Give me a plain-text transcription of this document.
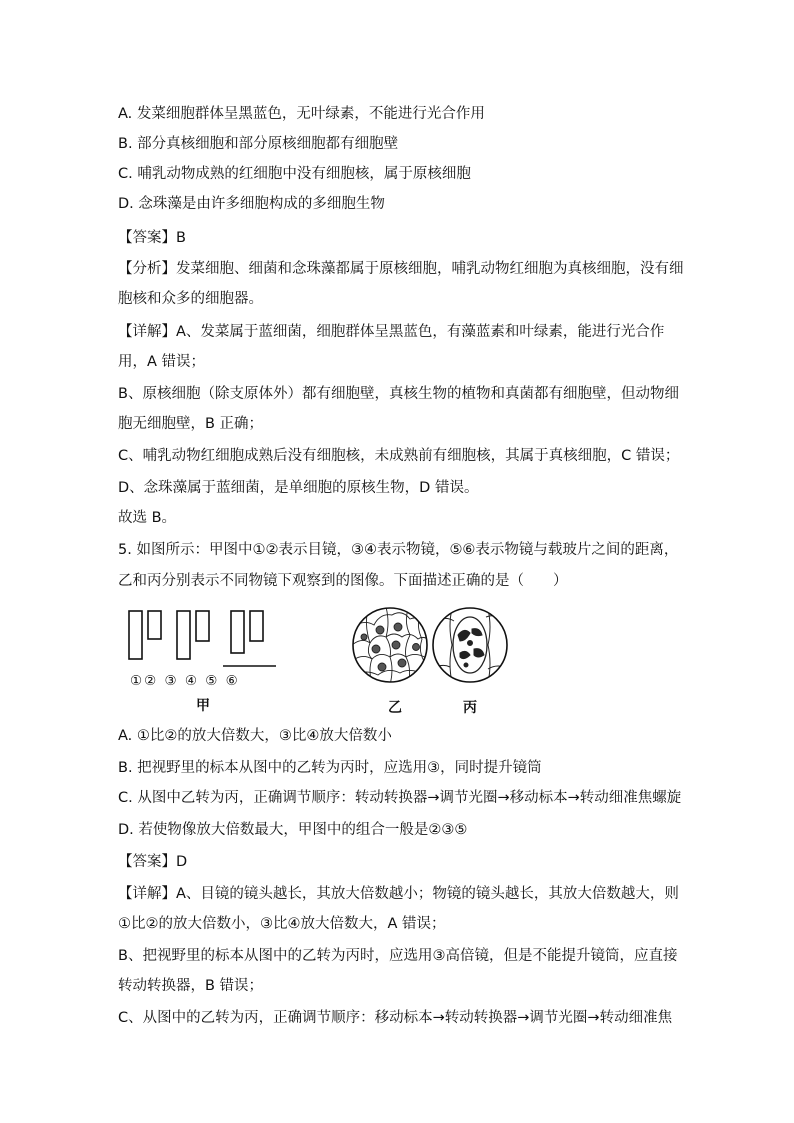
A. 发菜细胞群体呈黑蓝色，无叶绿素，不能进行光合作用
B. 部分真核细胞和部分原核细胞都有细胞壁
C. 哺乳动物成熟的红细胞中没有细胞核，属于原核细胞
D. 念珠藻是由许多细胞构成的多细胞生物
【答案】B
【分析】发菜细胞、细菌和念珠藻都属于原核细胞，哺乳动物红细胞为真核细胞，没有细
胞核和众多的细胞器。
【详解】A、发菜属于蓝细菌，细胞群体呈黑蓝色，有藻蓝素和叶绿素，能进行光合作
用，A 错误；
B、原核细胞（除支原体外）都有细胞壁，真核生物的植物和真菌都有细胞壁，但动物细
胞无细胞壁，B 正确；
C、哺乳动物红细胞成熟后没有细胞核，未成熟前有细胞核，其属于真核细胞，C 错误；
D、念珠藻属于蓝细菌，是单细胞的原核生物，D 错误。
故选 B。
5. 如图所示：甲图中①②表示目镜，③④表示物镜，⑤⑥表示物镜与载玻片之间的距离，
乙和丙分别表示不同物镜下观察到的图像。下面描述正确的是（　　）
①② ③ ④ ⑤ ⑥
甲	乙	丙
A. ①比②的放大倍数大，③比④放大倍数小
B. 把视野里的标本从图中的乙转为丙时，应选用③，同时提升镜筒
C. 从图中乙转为丙，正确调节顺序：转动转换器→调节光圈→移动标本→转动细准焦螺旋
D. 若使物像放大倍数最大，甲图中的组合一般是②③⑤
【答案】D
【详解】A、目镜的镜头越长，其放大倍数越小；物镜的镜头越长，其放大倍数越大，则
①比②的放大倍数小，③比④放大倍数大，A 错误；
B、把视野里的标本从图中的乙转为丙时，应选用③高倍镜，但是不能提升镜筒，应直接
转动转换器，B 错误；
C、从图中的乙转为丙，正确调节顺序：移动标本→转动转换器→调节光圈→转动细准焦
